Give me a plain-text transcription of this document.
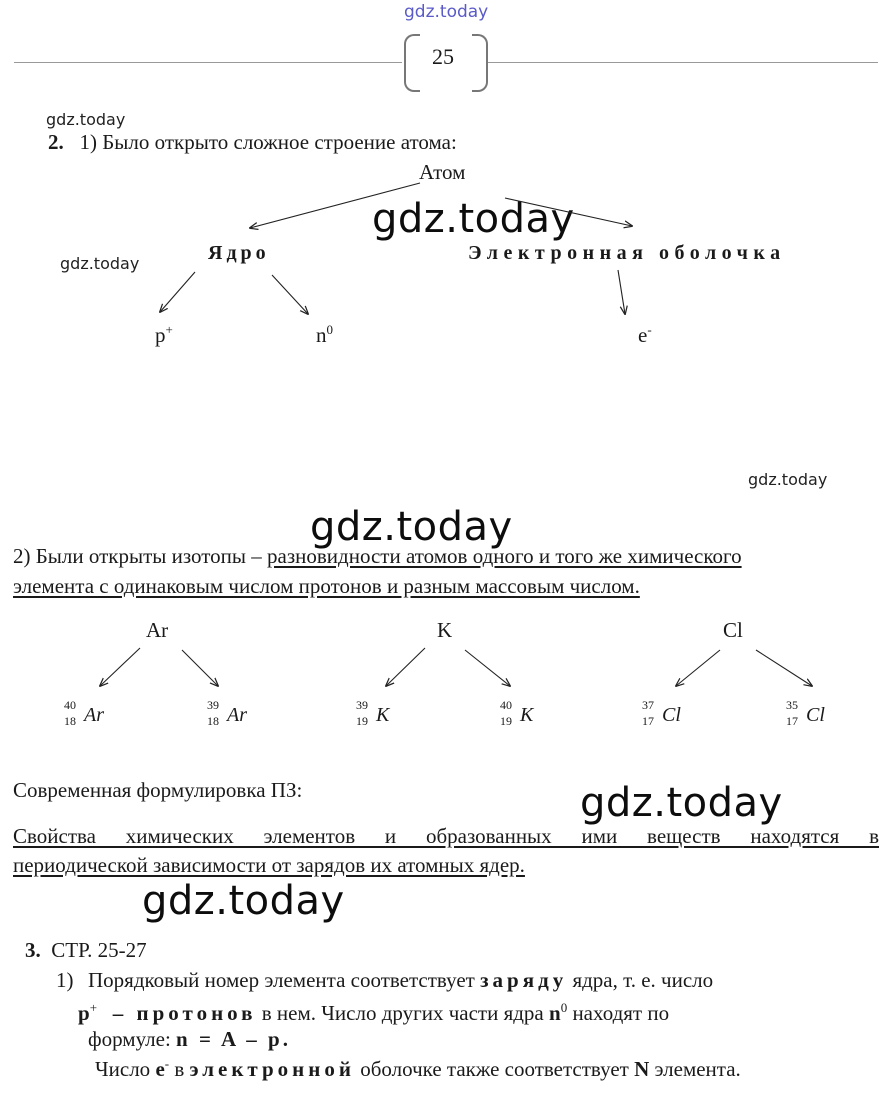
gdz.today
25
gdz.today
gdz.today
gdz.today
gdz.today
gdz.today
gdz.today
gdz.today
2. 1) Было открыто сложное строение атома:
Атом
Ядро	Электронная оболочка
p+	$n^0$	e-
2) Были открыты изотопы – разновидности атомов одного и того же химического
элемента с одинаковым числом протонов и разным массовым числом.
Ar	K	Cl
40
18 Ar	39
18 Ar	39
19 K	40
19 K	37
17 Cl	35
17 Cl
Современная формулировка ПЗ:
Свойства химических элементов и образованных ими веществ находятся в
периодической зависимости от зарядов их атомных ядер.
3. СТР. 25-27
1) Порядковый номер элемента соответствует заряду ядра, т. е. число
p+ – протонов в нем. Число других части ядра $n^0$ находят по
формуле: n = A – p.
Число e- в электронной оболочке также соответствует N элемента.
